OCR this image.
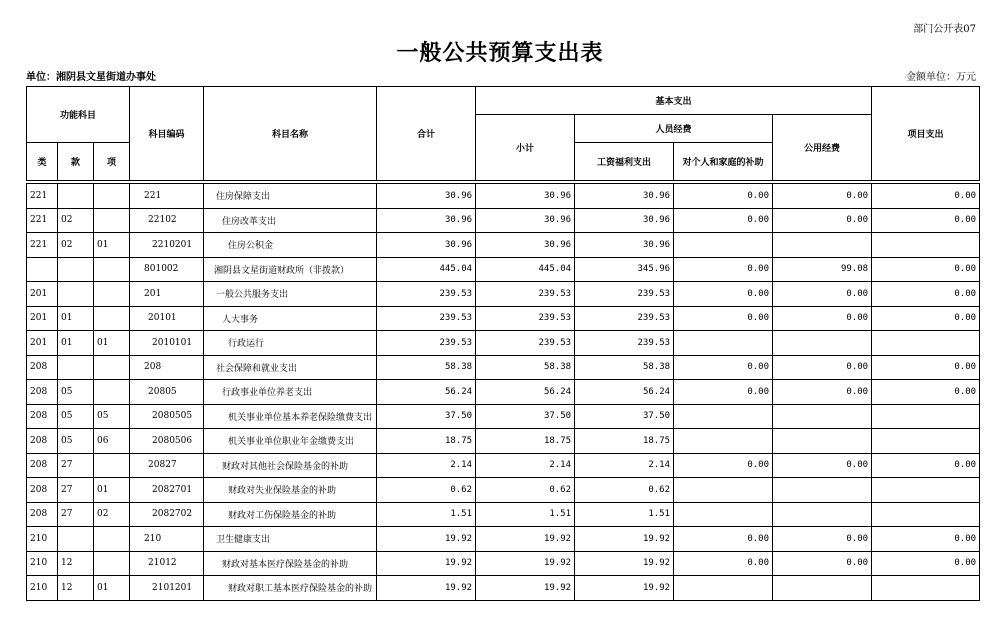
部门公开表07
一般公共预算支出表
单位：湘阴县文星街道办事处	金额单位：万元
功能科目			科目编码	科目名称	合计	基本支出				项目支出
						小计	人员经费		公用经费	
类	款	项					工资福利支出	对个人和家庭的补助		

221			221	住房保障支出	30.96	30.96	30.96	0.00	0.00	0.00
221	02		22102	住房改革支出	30.96	30.96	30.96	0.00	0.00	0.00
221	02	01	2210201	住房公积金	30.96	30.96	30.96			
			801002	湘阴县文星街道财政所（非拨款）	445.04	445.04	345.96	0.00	99.08	0.00
201			201	一般公共服务支出	239.53	239.53	239.53	0.00	0.00	0.00
201	01		20101	人大事务	239.53	239.53	239.53	0.00	0.00	0.00
201	01	01	2010101	行政运行	239.53	239.53	239.53			
208			208	社会保障和就业支出	58.38	58.38	58.38	0.00	0.00	0.00
208	05		20805	行政事业单位养老支出	56.24	56.24	56.24	0.00	0.00	0.00
208	05	05	2080505	机关事业单位基本养老保险缴费支出	37.50	37.50	37.50			
208	05	06	2080506	机关事业单位职业年金缴费支出	18.75	18.75	18.75			
208	27		20827	财政对其他社会保险基金的补助	2.14	2.14	2.14	0.00	0.00	0.00
208	27	01	2082701	财政对失业保险基金的补助	0.62	0.62	0.62			
208	27	02	2082702	财政对工伤保险基金的补助	1.51	1.51	1.51			
210			210	卫生健康支出	19.92	19.92	19.92	0.00	0.00	0.00
210	12		21012	财政对基本医疗保险基金的补助	19.92	19.92	19.92	0.00	0.00	0.00
210	12	01	2101201	财政对职工基本医疗保险基金的补助	19.92	19.92	19.92			
